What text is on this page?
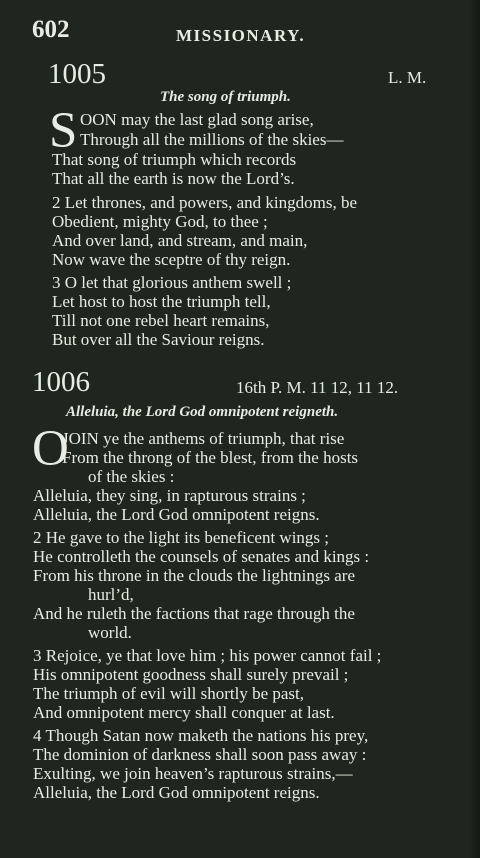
602	MISSIONARY.
1005	L. M.
The song of triumph.
S OON may the last glad song arise,
Through all the millions of the skies—
That song of triumph which records
That all the earth is now the Lord’s.
2 Let thrones, and powers, and kingdoms, be
Obedient, mighty God, to thee ;
And over land, and stream, and main,
Now wave the sceptre of thy reign.
3 O let that glorious anthem swell ;
Let host to host the triumph tell,
Till not one rebel heart remains,
But over all the Saviour reigns.
1006	16th P. M. 11 12, 11 12.
Alleluia, the Lord God omnipotent reigneth.
O
JOIN ye the anthems of triumph, that rise
From the throng of the blest, from the hosts
of the skies :
Alleluia, they sing, in rapturous strains ;
Alleluia, the Lord God omnipotent reigns.
2 He gave to the light its beneficent wings ;
He controlleth the counsels of senates and kings :
From his throne in the clouds the lightnings are
hurl’d,
And he ruleth the factions that rage through the
world.
3 Rejoice, ye that love him ; his power cannot fail ;
His omnipotent goodness shall surely prevail ;
The triumph of evil will shortly be past,
And omnipotent mercy shall conquer at last.
4 Though Satan now maketh the nations his prey,
The dominion of darkness shall soon pass away :
Exulting, we join heaven’s rapturous strains,—
Alleluia, the Lord God omnipotent reigns.
